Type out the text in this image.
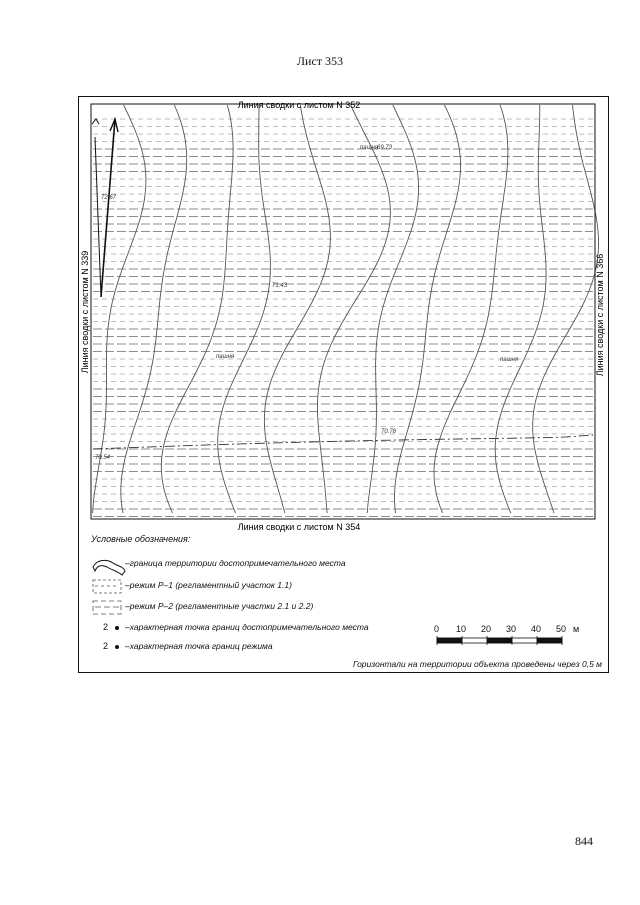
Лист 353
Линия сводки с листом N 352
Линия сводки с листом N 354
Линия сводки с листом N 339	Линия сводки с листом N 366
пашня
пашня	пашня
72.67
71.43
70.78
70.54
69.73
Условные обозначения:
–граница территории достопримечательного места
–режим Р–1 (регламентный участок 1.1)
–режим Р–2 (регламентные участки 2.1 и 2.2)
2 –характерная точка границ достопримечательного места
2 –характерная точка границ режима
0 10 20 30 40 50 м
Горизонтали на территории объекта проведены через 0,5 м
844
